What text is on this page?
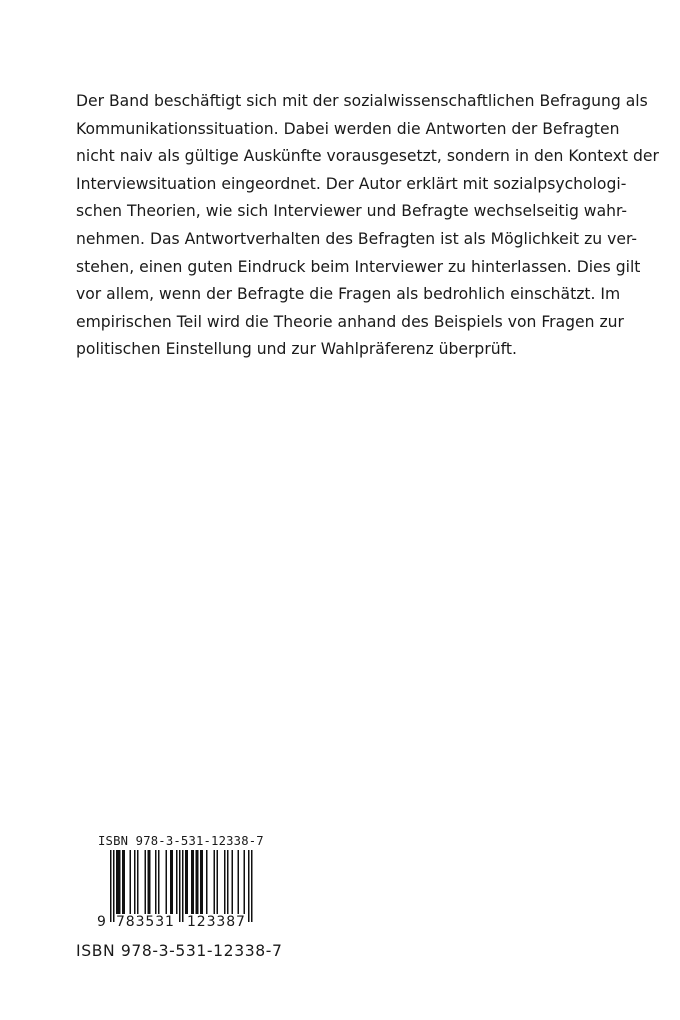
Der Band beschäftigt sich mit der sozialwissenschaftlichen Befragung als
Kommunikationssituation. Dabei werden die Antworten der Befragten
nicht naiv als gültige Auskünfte vorausgesetzt, sondern in den Kontext der
Interviewsituation eingeordnet. Der Autor erklärt mit sozialpsychologi-
schen Theorien, wie sich Interviewer und Befragte wechselseitig wahr-
nehmen. Das Antwortverhalten des Befragten ist als Möglichkeit zu ver-
stehen, einen guten Eindruck beim Interviewer zu hinterlassen. Dies gilt
vor allem, wenn der Befragte die Fragen als bedrohlich einschätzt. Im
empirischen Teil wird die Theorie anhand des Beispiels von Fragen zur
politischen Einstellung und zur Wahlpräferenz überprüft.
ISBN 978-3-531-12338-7
9 783531 123387
ISBN 978-3-531-12338-7
